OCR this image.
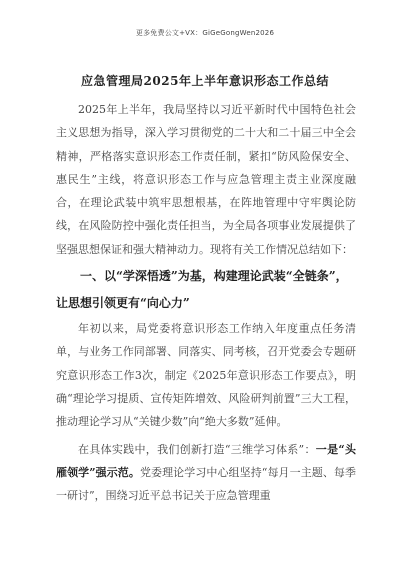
更多免费公文+VX：GiGeGongWen2026
应急管理局2025年上半年意识形态工作总结

2025年上半年，我局坚持以习近平新时代中国特色社会主义思想为指导，深入学习贯彻党的二十大和二十届三中全会精神，严格落实意识形态工作责任制，紧扣“防风险保安全、惠民生”主线，将意识形态工作与应急管理主责主业深度融合，在理论武装中筑牢思想根基，在阵地管理中守牢舆论防线，在风险防控中强化责任担当，为全局各项事业发展提供了坚强思想保证和强大精神动力。现将有关工作情况总结如下：

一、以“学深悟透”为基，构建理论武装“全链条”，让思想引领更有“向心力”

年初以来，局党委将意识形态工作纳入年度重点任务清单，与业务工作同部署、同落实、同考核，召开党委会专题研究意识形态工作3次，制定《2025年意识形态工作要点》，明确“理论学习提质、宣传矩阵增效、风险研判前置”三大工程，推动理论学习从“关键少数”向“绝大多数”延伸。

在具体实践中，我们创新打造“三维学习体系”：一是“头雁领学”强示范。党委理论学习中心组坚持“每月一主题、每季一研讨”，围绕习近平总书记关于应急管理重
